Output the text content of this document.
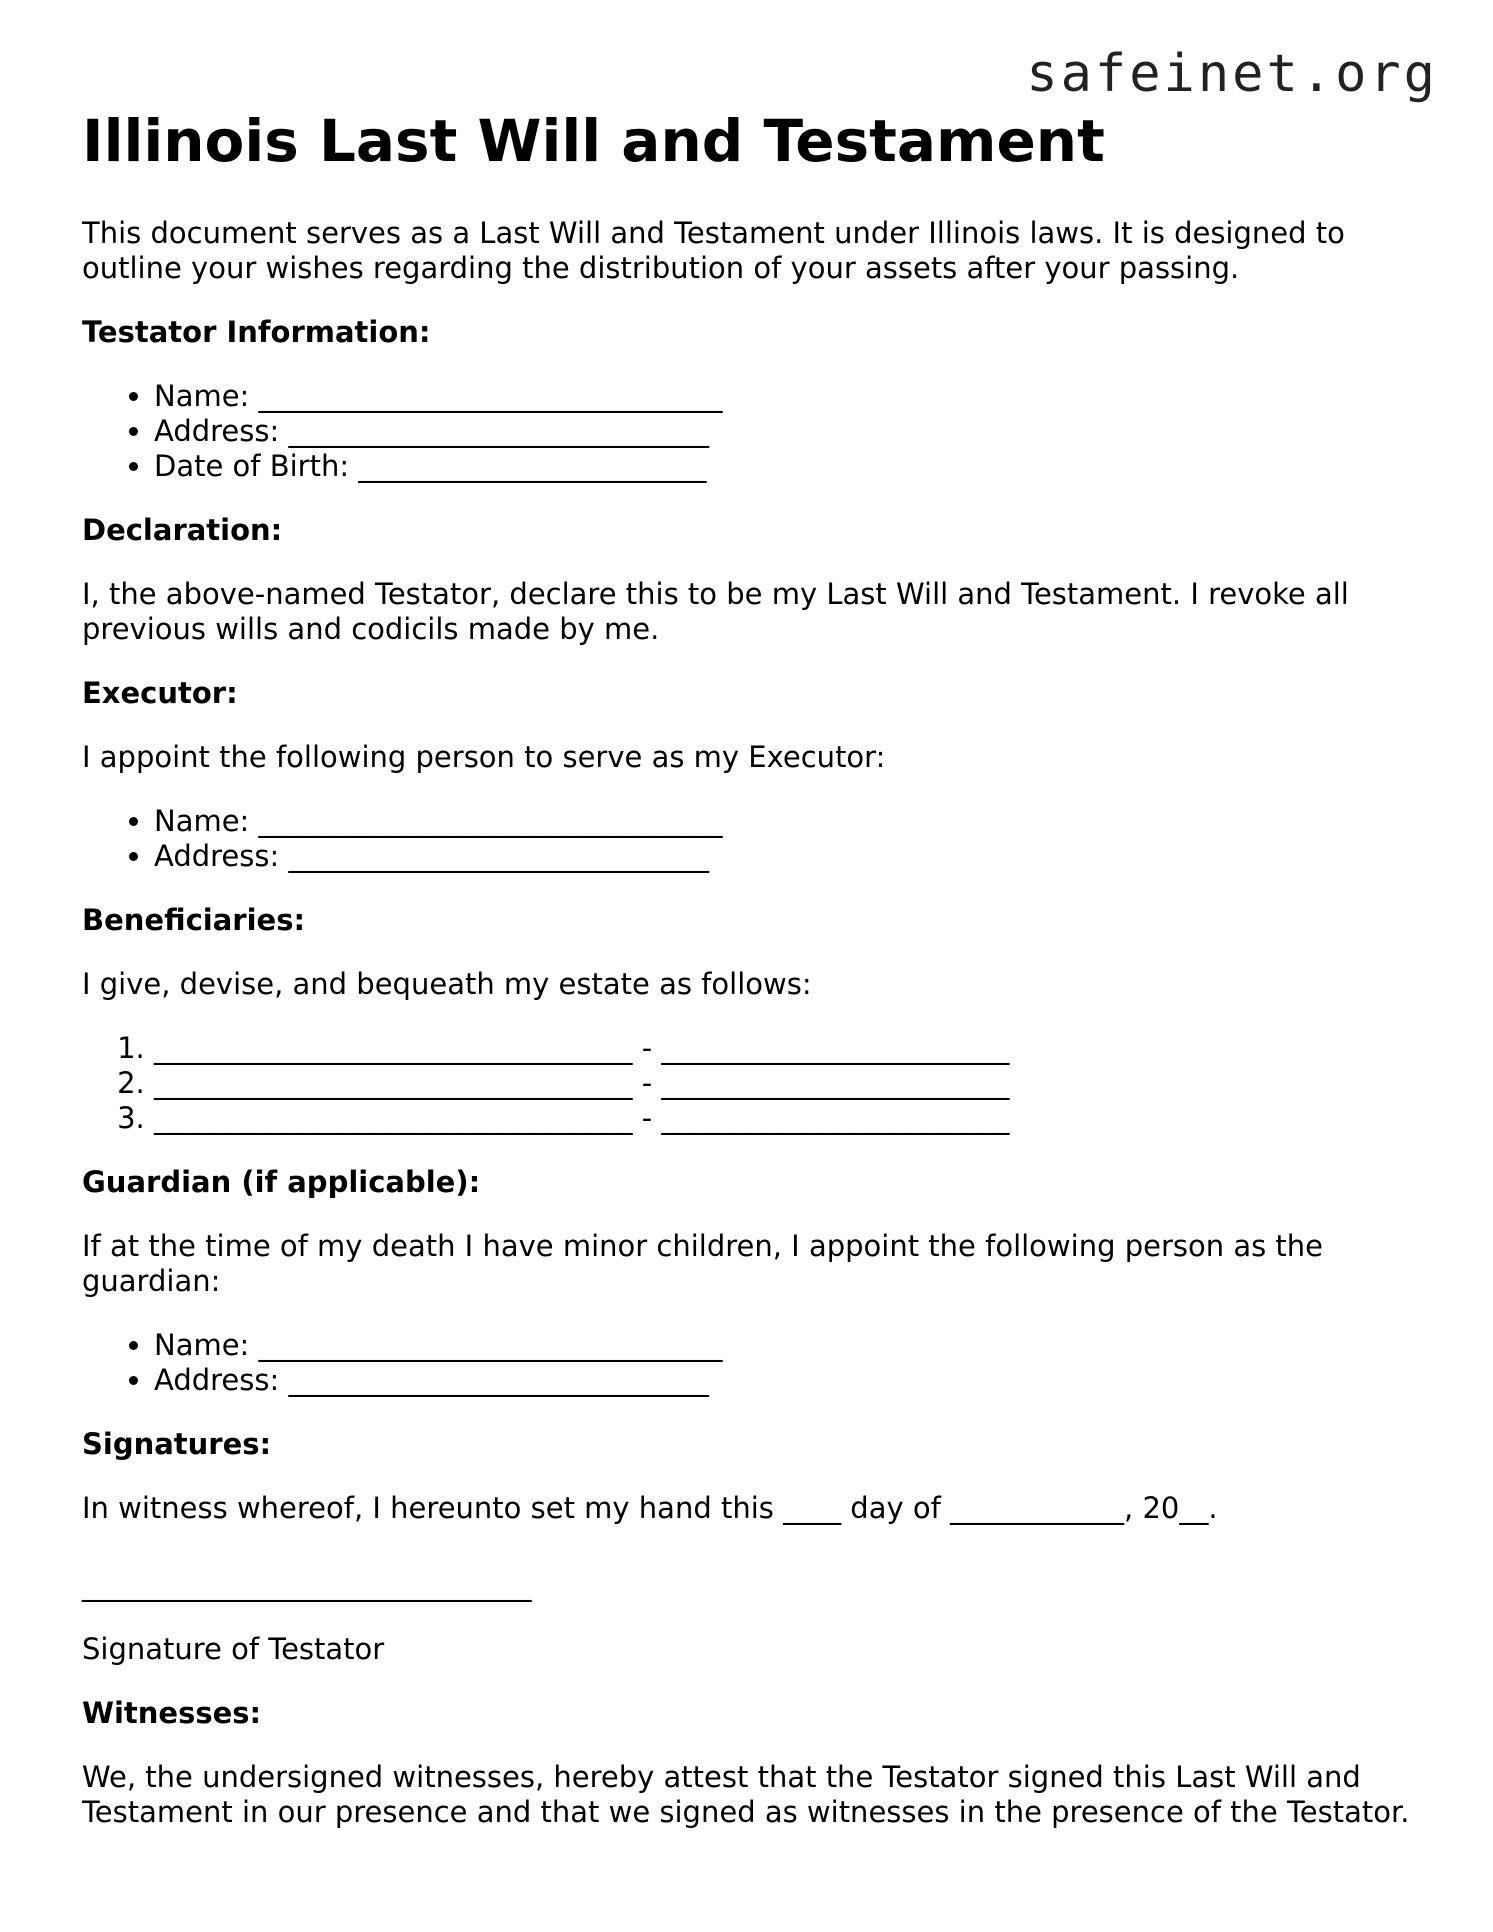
safeinet.org
Illinois Last Will and Testament

This document serves as a Last Will and Testament under Illinois laws. It is designed to outline your wishes regarding the distribution of your assets after your passing.

Testator Information:

• Name: ________________________________
• Address: _____________________________
• Date of Birth: ________________________

Declaration:

I, the above-named Testator, declare this to be my Last Will and Testament. I revoke all previous wills and codicils made by me.

Executor:

I appoint the following person to serve as my Executor:

• Name: ________________________________
• Address: _____________________________

Beneficiaries:

I give, devise, and bequeath my estate as follows:

1. _________________________________ - ________________________
2. _________________________________ - ________________________
3. _________________________________ - ________________________

Guardian (if applicable):

If at the time of my death I have minor children, I appoint the following person as the guardian:

• Name: ________________________________
• Address: _____________________________

Signatures:

In witness whereof, I hereunto set my hand this ____ day of ____________, 20__.

_______________________________

Signature of Testator

Witnesses:

We, the undersigned witnesses, hereby attest that the Testator signed this Last Will and Testament in our presence and that we signed as witnesses in the presence of the Testator.
